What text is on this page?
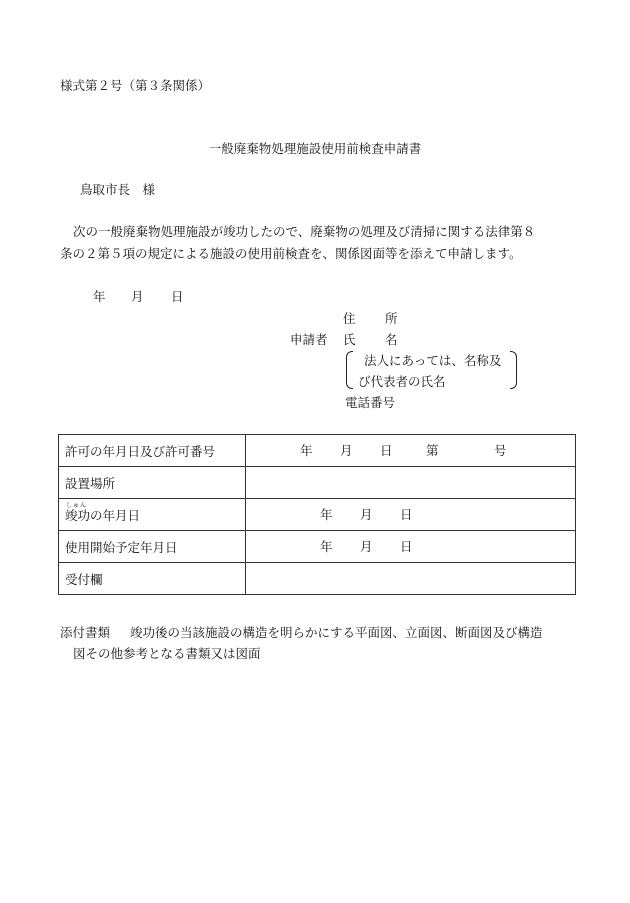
様式第２号（第３条関係）
一般廃棄物処理施設使用前検査申請書
鳥取市長　様
次の一般廃棄物処理施設が竣功したので、廃棄物の処理及び清掃に関する法律第８
条の２第５項の規定による施設の使用前検査を、関係図面等を添えて申請します。
年 月 日
住 所
申請者 氏 名
法人にあっては、名称及
び代表者の氏名
電話番号
許可の年月日及び許可番号	年 月 日 第 号

設置場所	

しゅん
竣功の年月日	年 月 日

使用開始予定年月日	年 月 日

受付欄	
添付書類 竣功後の当該施設の構造を明らかにする平面図、立面図、断面図及び構造
図その他参考となる書類又は図面
